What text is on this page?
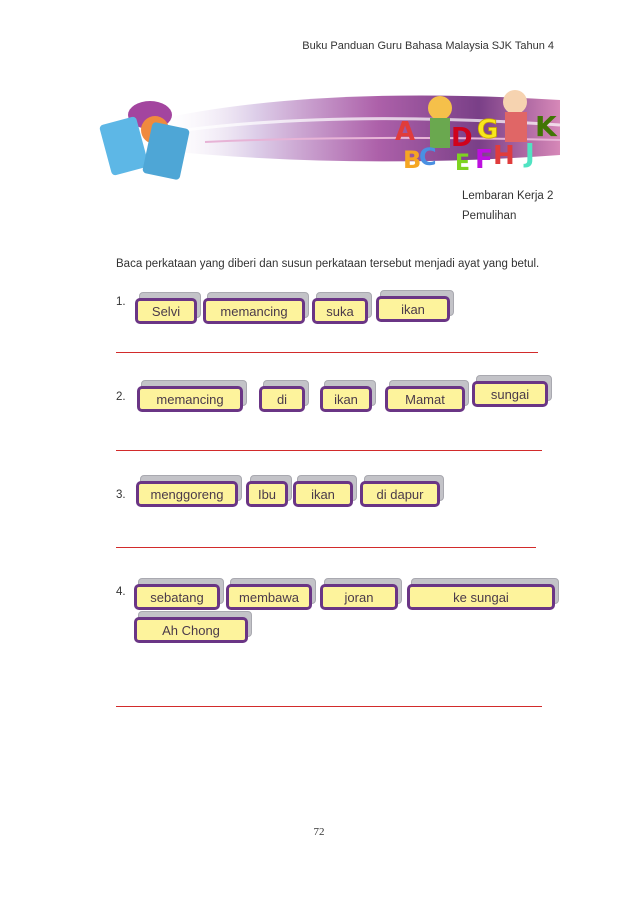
Buku Panduan Guru Bahasa Malaysia SJK Tahun 4
A
B
C
D
E F
G
H J
K
Lembaran Kerja 2
Pemulihan
Baca perkataan yang diberi dan susun perkataan tersebut menjadi ayat yang betul.
1.
Selvi	memancing	suka	ikan
2.	memancing	di	ikan	Mamat	sungai
3.	menggoreng	Ibu	ikan	di dapur
4.	sebatang	membawa	joran	ke sungai
Ah Chong
72
